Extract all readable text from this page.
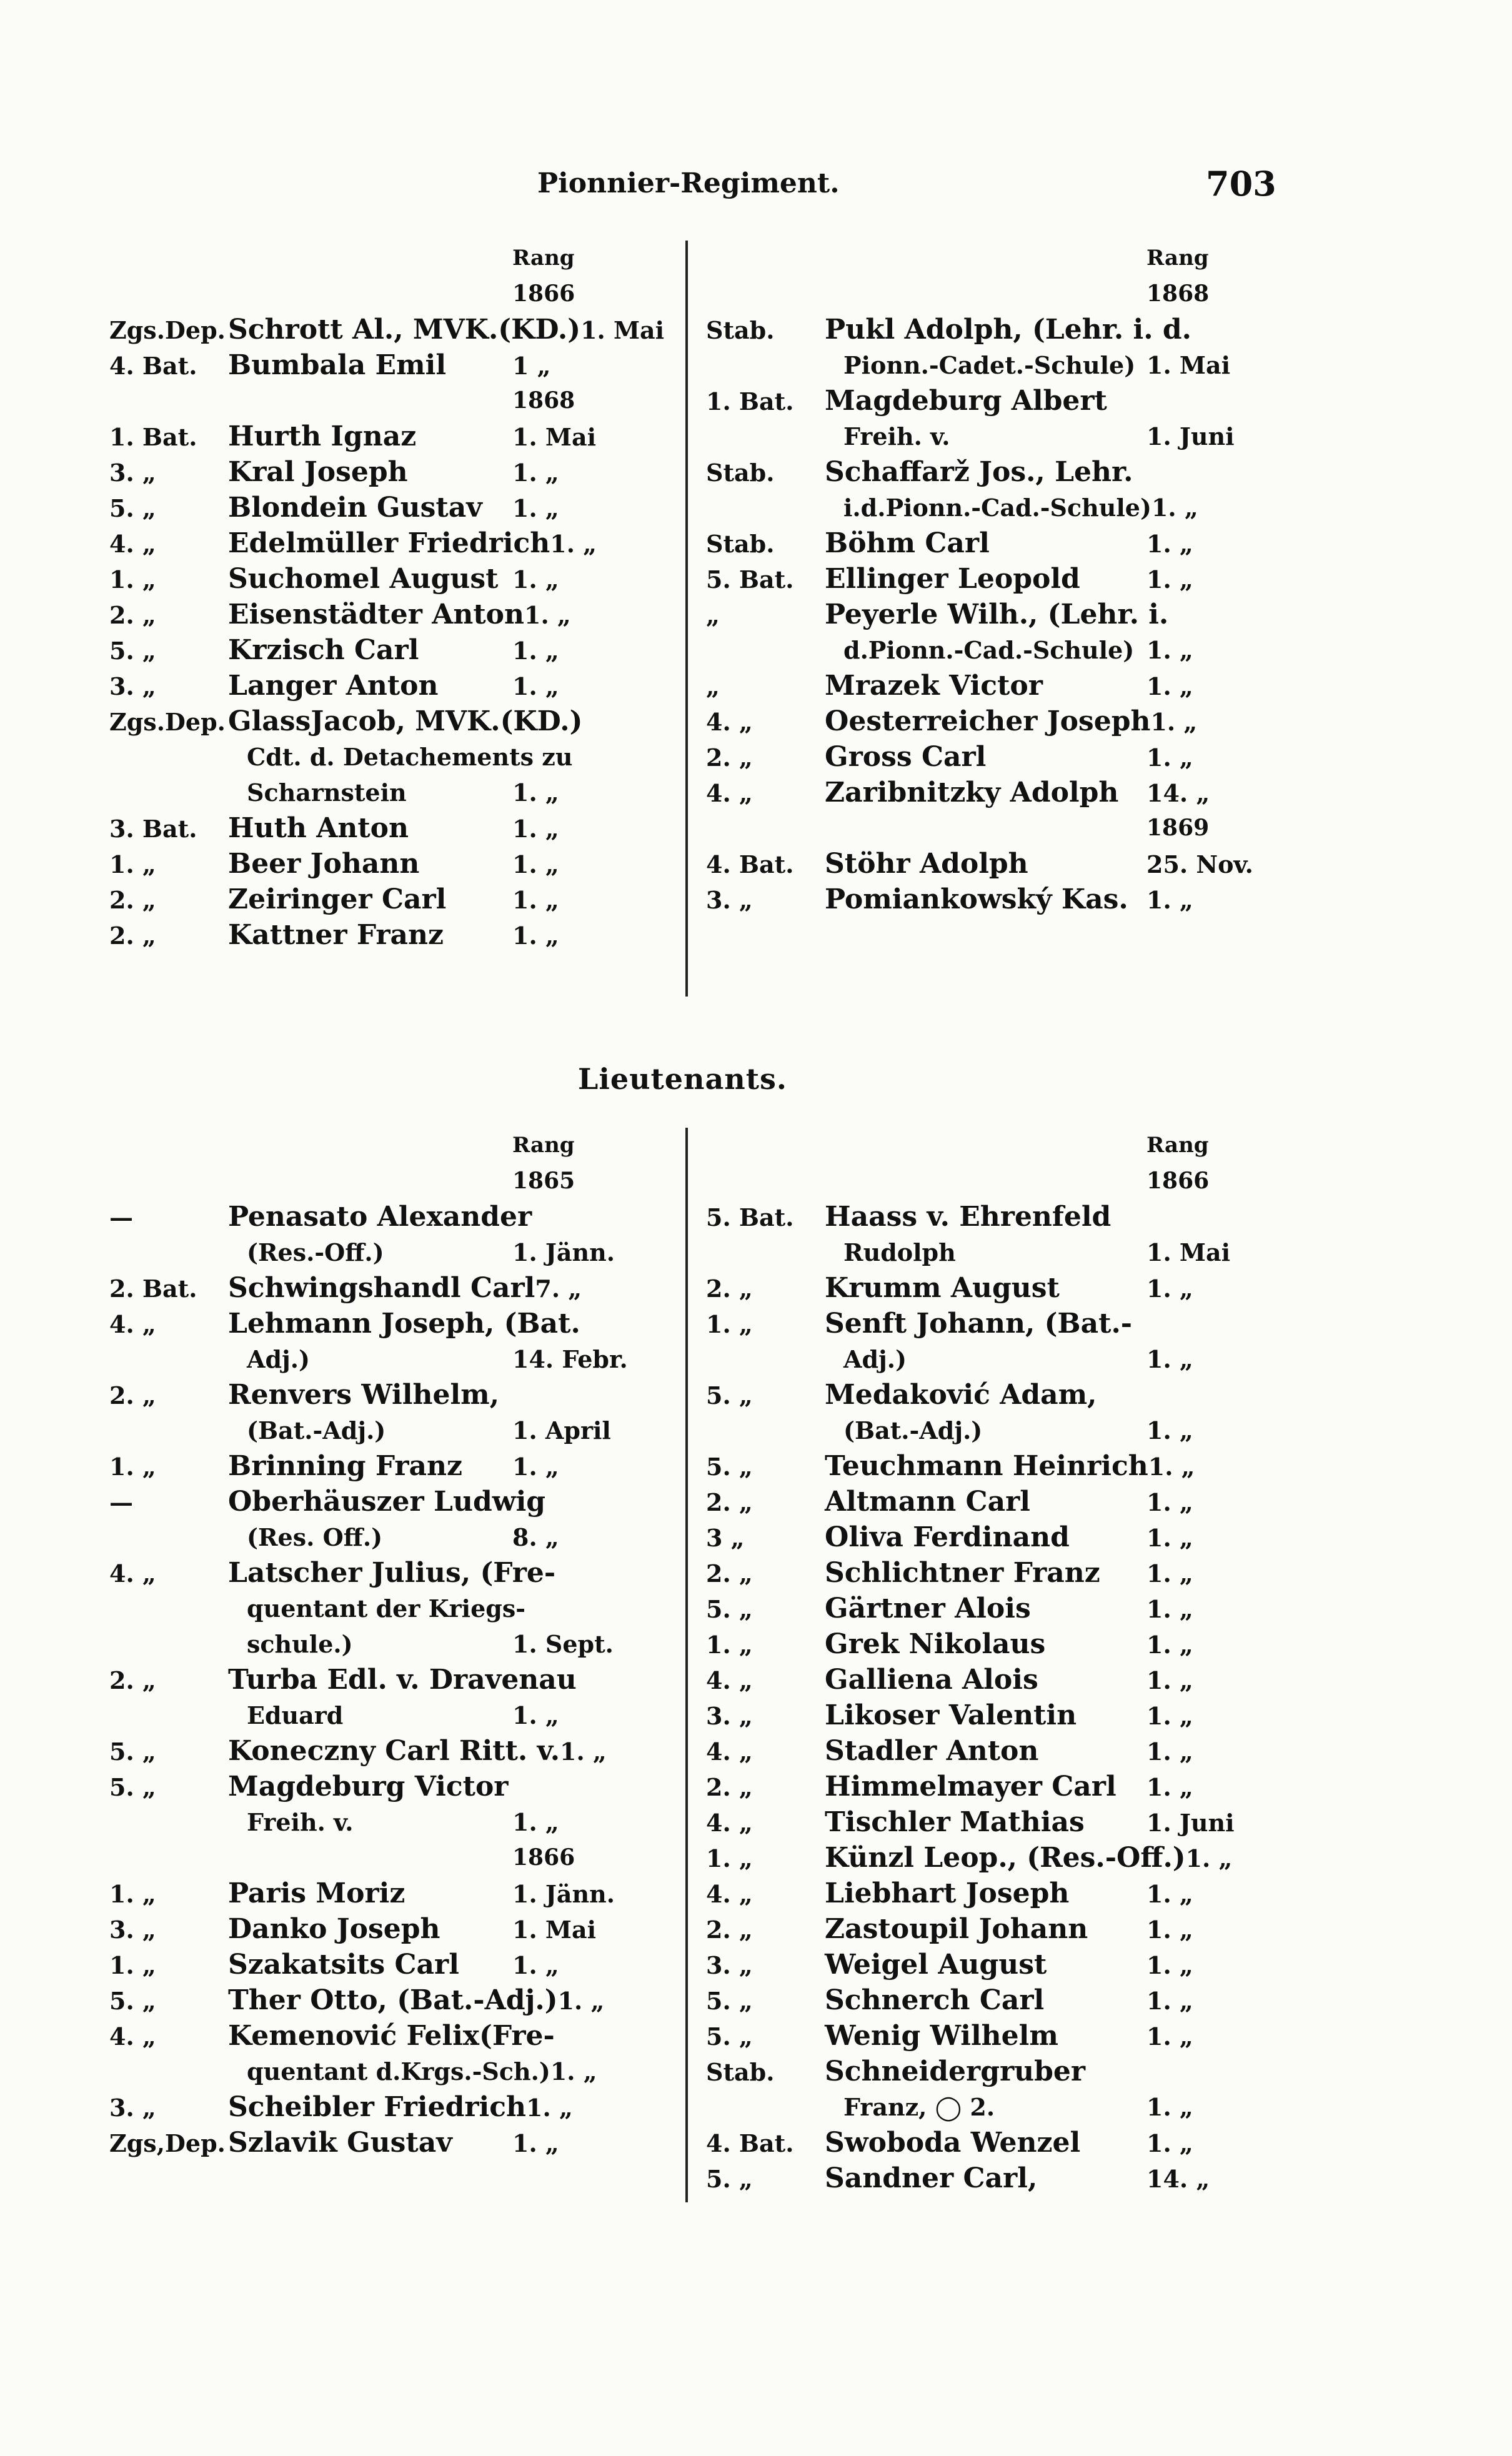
Pionnier-Regiment.	703
Rang
1866
Zgs.Dep. Schrott Al., MVK.(KD.) 1. Mai
4. Bat.	Bumbala Emil	1 „
1868
1. Bat.	Hurth Ignaz	1. Mai
3. „	Kral Joseph	1. „
5. „	Blondein Gustav	1. „
4. „	Edelmüller Friedrich 1. „
1. „	Suchomel August 1. „
2. „	Eisenstädter Anton 1. „
5. „	Krzisch Carl	1. „
3. „	Langer Anton	1. „
Zgs.Dep. GlassJacob, MVK.(KD.)
Cdt. d. Detachements zu
Scharnstein	1. „
3. Bat.	Huth Anton	1. „
1. „	Beer Johann	1. „
2. „	Zeiringer Carl	1. „
2. „	Kattner Franz	1. „
Rang
1868
Stab.	Pukl Adolph, (Lehr. i. d.
Pionn.-Cadet.-Schule) 1. Mai
1. Bat.	Magdeburg Albert
Freih. v.	1. Juni
Stab.	Schaffarž Jos., Lehr.
i.d.Pionn.-Cad.-Schule) 1. „
Stab.	Böhm Carl	1. „
5. Bat.	Ellinger Leopold	1. „
„	Peyerle Wilh., (Lehr. i.
d.Pionn.-Cad.-Schule) 1. „
„	Mrazek Victor	1. „
4. „	Oesterreicher Joseph 1. „
2. „	Gross Carl	1. „
4. „	Zaribnitzky Adolph	14. „
1869
4. Bat.	Stöhr Adolph	25. Nov.
3. „	Pomiankowský Kas. 1. „
Lieutenants.
Rang
1865
—	Penasato Alexander
(Res.-Off.)	1. Jänn.
2. Bat.	Schwingshandl Carl 7. „
4. „	Lehmann Joseph, (Bat.
Adj.)	14. Febr.
2. „	Renvers Wilhelm,
(Bat.-Adj.)	1. April
1. „	Brinning Franz	1. „
—	Oberhäuszer Ludwig
(Res. Off.)	8. „
4. „	Latscher Julius, (Fre-
quentant der Kriegs-
schule.)	1. Sept.
2. „	Turba Edl. v. Dravenau
Eduard	1. „
5. „	Koneczny Carl Ritt. v. 1. „
5. „	Magdeburg Victor
Freih. v.	1. „
1866
1. „	Paris Moriz	1. Jänn.
3. „	Danko Joseph	1. Mai
1. „	Szakatsits Carl	1. „
5. „	Ther Otto, (Bat.-Adj.) 1. „
4. „	Kemenović Felix(Fre-
quentant d.Krgs.-Sch.) 1. „
3. „	Scheibler Friedrich 1. „
Zgs,Dep. Szlavik Gustav	1. „
Rang
1866
5. Bat.	Haass v. Ehrenfeld
Rudolph	1. Mai
2. „	Krumm August	1. „
1. „	Senft Johann, (Bat.-
Adj.)	1. „
5. „	Medaković Adam,
(Bat.-Adj.)	1. „
5. „	Teuchmann Heinrich 1. „
2. „	Altmann Carl	1. „
3 „	Oliva Ferdinand	1. „
2. „	Schlichtner Franz	1. „
5. „	Gärtner Alois	1. „
1. „	Grek Nikolaus	1. „
4. „	Galliena Alois	1. „
3. „	Likoser Valentin	1. „
4. „	Stadler Anton	1. „
2. „	Himmelmayer Carl	1. „
4. „	Tischler Mathias	1. Juni
1. „	Künzl Leop., (Res.-Off.) 1. „
4. „	Liebhart Joseph	1. „
2. „	Zastoupil Johann	1. „
3. „	Weigel August	1. „
5. „	Schnerch Carl	1. „
5. „	Wenig Wilhelm	1. „
Stab.	Schneidergruber
Franz, ◯ 2.	1. „
4. Bat.	Swoboda Wenzel	1. „
5. „	Sandner Carl,	14. „
